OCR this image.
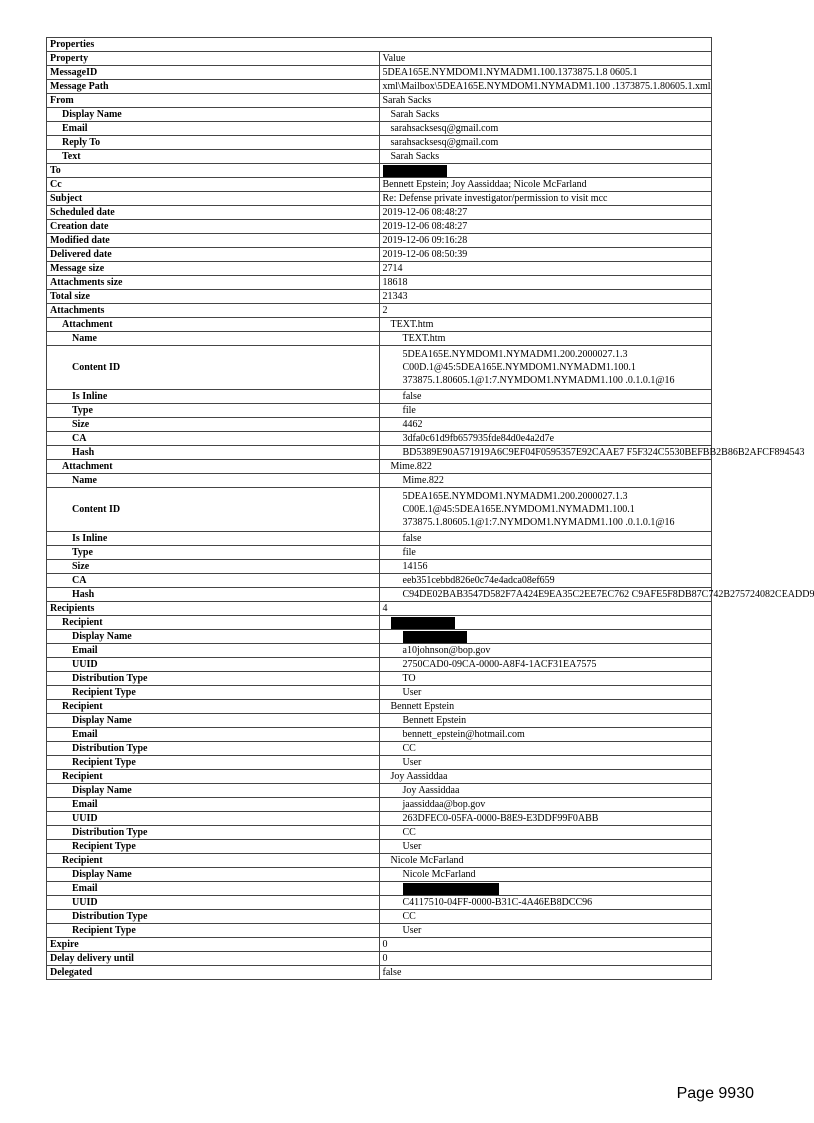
Properties	
Property	Value
MessageID	5DEA165E.NYMDOM1.NYMADM1.100.1373875.1.8 0605.1
Message Path	xml\Mailbox\5DEA165E.NYMDOM1.NYMADM1.100 .1373875.1.80605.1.xml
From	Sarah Sacks
Display Name	Sarah Sacks
Email	sarahsacksesq@gmail.com
Reply To	sarahsacksesq@gmail.com
Text	Sarah Sacks
To	
Cc	Bennett Epstein; Joy Aassiddaa; Nicole McFarland
Subject	Re: Defense private investigator/permission to visit mcc
Scheduled date	2019-12-06 08:48:27
Creation date	2019-12-06 08:48:27
Modified date	2019-12-06 09:16:28
Delivered date	2019-12-06 08:50:39
Message size	2714
Attachments size	18618
Total size	21343
Attachments	2
Attachment	TEXT.htm
Name	TEXT.htm
Content ID	5DEA165E.NYMDOM1.NYMADM1.200.2000027.1.3
C00D.1@45:5DEA165E.NYMDOM1.NYMADM1.100.1
373875.1.80605.1@1:7.NYMDOM1.NYMADM1.100 .0.1.0.1@16

Is Inline	false
Type	file
Size	4462
CA	3dfa0c61d9fb657935fde84d0e4a2d7e
Hash	BD5389E90A571919A6C9EF04F0595357E92CAAE7 F5F324C5530BEFBB2B86B2AFCF894543
Attachment	Mime.822
Name	Mime.822
Content ID	5DEA165E.NYMDOM1.NYMADM1.200.2000027.1.3
C00E.1@45:5DEA165E.NYMDOM1.NYMADM1.100.1
373875.1.80605.1@1:7.NYMDOM1.NYMADM1.100 .0.1.0.1@16

Is Inline	false
Type	file
Size	14156
CA	eeb351cebbd826e0c74e4adca08ef659
Hash	C94DE02BAB3547D582F7A424E9EA35C2EE7EC762 C9AFE5F8DB87C742B275724082CEADD9
Recipients	4
Recipient	
Display Name	
Email	a10johnson@bop.gov
UUID	2750CAD0-09CA-0000-A8F4-1ACF31EA7575
Distribution Type	TO
Recipient Type	User
Recipient	Bennett Epstein
Display Name	Bennett Epstein
Email	bennett_epstein@hotmail.com
Distribution Type	CC
Recipient Type	User
Recipient	Joy Aassiddaa
Display Name	Joy Aassiddaa
Email	jaassiddaa@bop.gov
UUID	263DFEC0-05FA-0000-B8E9-E3DDF99F0ABB
Distribution Type	CC
Recipient Type	User
Recipient	Nicole McFarland
Display Name	Nicole McFarland
Email	
UUID	C4117510-04FF-0000-B31C-4A46EB8DCC96
Distribution Type	CC
Recipient Type	User
Expire	0
Delay delivery until	0
Delegated	false
Page 9930
